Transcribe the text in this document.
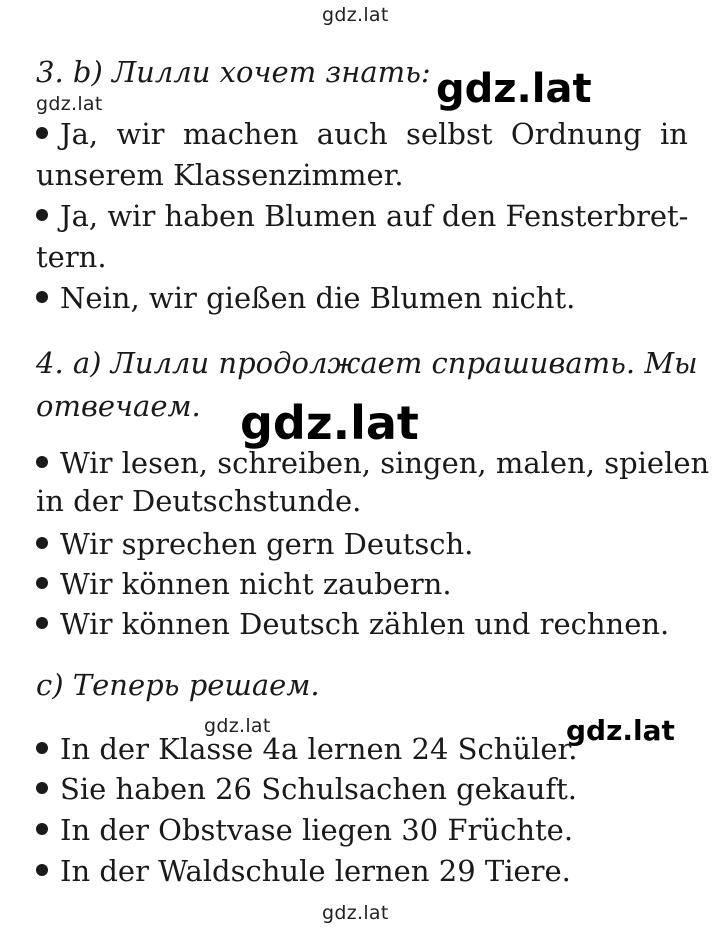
gdz.lat
gdz.lat	gdz.lat
gdz.lat
gdz.lat	gdz.lat
gdz.lat
3. b) Лилли хочет знать:
Ja, wir machen auch selbst Ordnung in
unserem Klassenzimmer.
Ja, wir haben Blumen auf den Fensterbret-
tern.
Nein, wir gießen die Blumen nicht.
4. a) Лилли продолжает спрашивать. Мы
отвечаем.
Wir lesen, schreiben, singen, malen, spielen
in der Deutschstunde.
Wir sprechen gern Deutsch.
Wir können nicht zaubern.
Wir können Deutsch zählen und rechnen.
c) Теперь решаем.
In der Klasse 4a lernen 24 Schüler.
Sie haben 26 Schulsachen gekauft.
In der Obstvase liegen 30 Früchte.
In der Waldschule lernen 29 Tiere.
